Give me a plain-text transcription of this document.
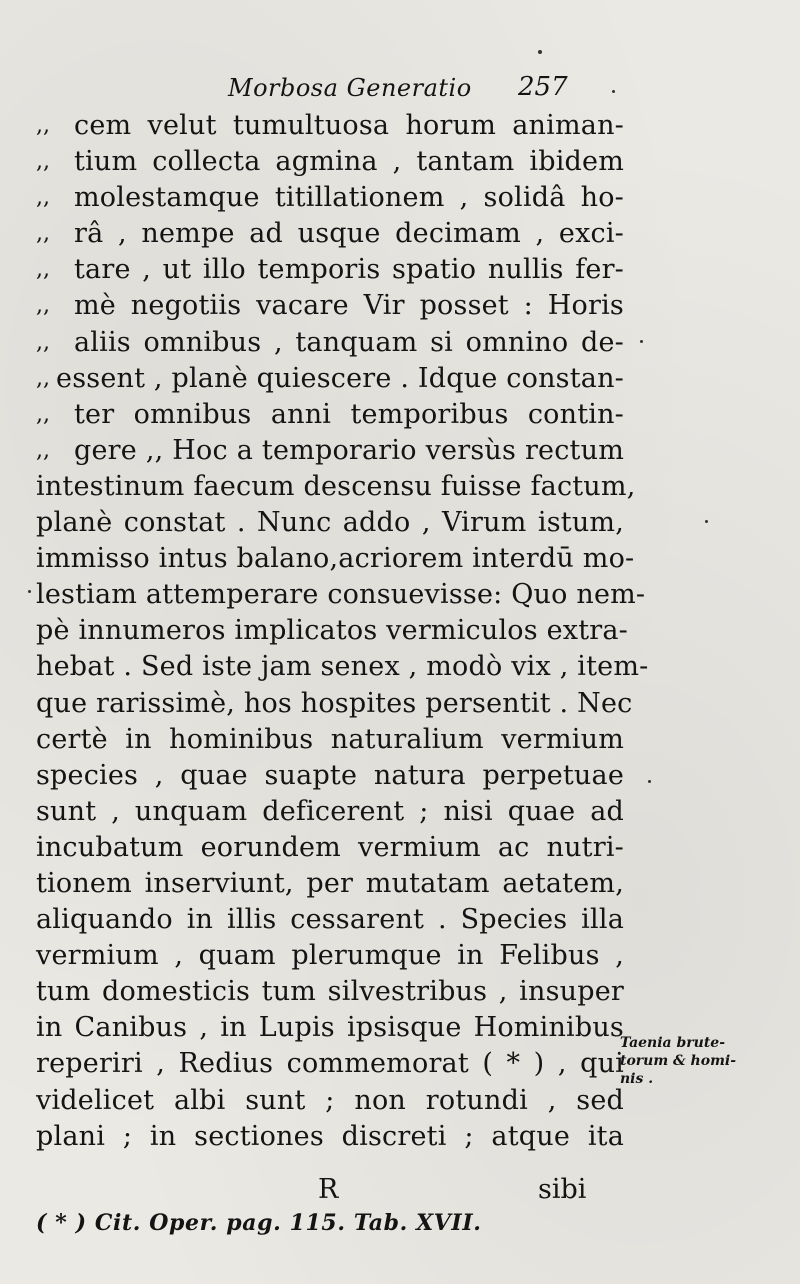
Morbosa Generatio 257
,, cem velut tumultuosa horum animan-
,, tium collecta agmina , tantam ibidem
,, molestamque titillationem , solidâ ho-
,, râ , nempe ad usque decimam , exci-
,, tare , ut illo temporis spatio nullis fer-
,, mè negotiis vacare Vir posset : Horis
,, aliis omnibus , tanquam si omnino de-
,, essent , planè quiescere . Idque constan-
,, ter omnibus anni temporibus contin-
,, gere ,, Hoc a temporario versùs rectum
intestinum faecum descensu fuisse factum,
planè constat . Nunc addo , Virum istum,
immisso intus balano,acriorem interdū mo-
lestiam attemperare consuevisse: Quo nem-
pè innumeros implicatos vermiculos extra-
hebat . Sed iste jam senex , modò vix , item-
que rarissimè, hos hospites persentit . Nec
certè in hominibus naturalium vermium
species , quae suapte natura perpetuae
sunt , unquam deficerent ; nisi quae ad
incubatum eorundem vermium ac nutri-
tionem inserviunt, per mutatam aetatem,
aliquando in illis cessarent . Species illa
vermium , quam plerumque in Felibus ,
tum domesticis tum silvestribus , insuper
in Canibus , in Lupis ipsisque Hominibus
reperiri , Redius commemorat ( * ) , qui
videlicet albi sunt ; non rotundi , sed
plani ; in sectiones discreti ; atque ita
Taenia brute-
torum & homi-
nis .
R	sibi
( * ) Cit. Oper. pag. 115. Tab. XVII.
